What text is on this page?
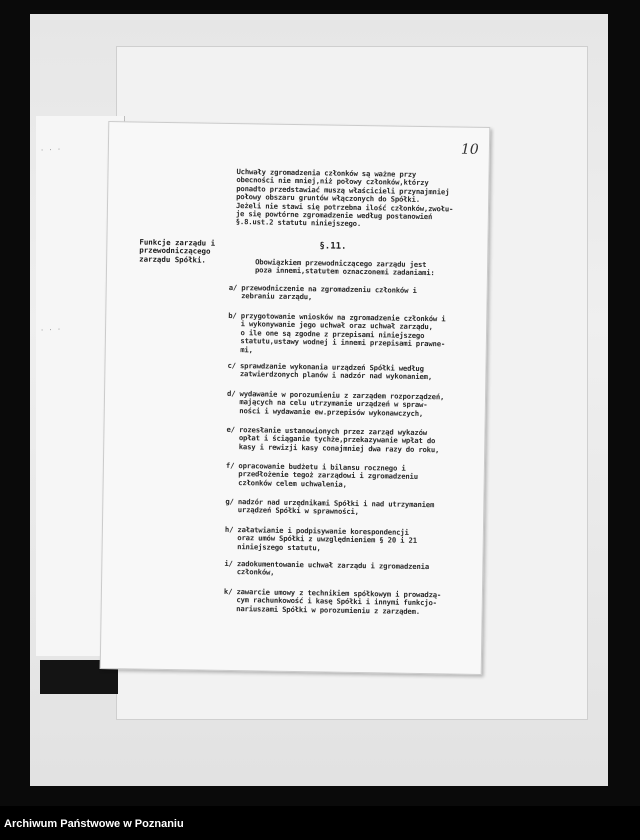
· · ·
· · ·
10
Uchwały zgromadzenia członków są ważne przy
obecności nie mniej,niż połowy członków,którzy
ponadto przedstawiać muszą właścicieli przynajmniej
połowy obszaru gruntów włączonych do Spółki.
Jeżeli nie stawi się potrzebna ilość członków,zwołu-
je się powtórne zgromadzenie według postanowień
§.8.ust.2 statutu niniejszego.
Funkcje zarządu i
przewodniczącego
zarządu Spółki.
§.11.
Obowiązkiem przewodniczącego zarządu jest
poza innemi,statutem oznaczonemi zadaniami:
a/ przewodniczenie na zgromadzeniu członków i
zebraniu zarządu,
b/ przygotowanie wniosków na zgromadzenie członków i
i wykonywanie jego uchwał oraz uchwał zarządu,
o ile one są zgodne z przepisami niniejszego
statutu,ustawy wodnej i innemi przepisami prawne-
mi,
c/ sprawdzanie wykonania urządzeń Spółki według
zatwierdzonych planów i nadzór nad wykonaniem,
d/ wydawanie w porozumieniu z zarządem rozporządzeń,
mających na celu utrzymanie urządzeń w spraw-
ności i wydawanie ew.przepisów wykonawczych,
e/ rozesłanie ustanowionych przez zarząd wykazów
opłat i ściąganie tychże,przekazywanie wpłat do
kasy i rewizji kasy conajmniej dwa razy do roku,
f/ opracowanie budżetu i bilansu rocznego i
przedłożenie tegoż zarządowi i zgromadzeniu
członków celem uchwalenia,
g/ nadzór nad urzędnikami Spółki i nad utrzymaniem
urządzeń Spółki w sprawności,
h/ załatwianie i podpisywanie korespondencji
oraz umów Spółki z uwzględnieniem § 20 i 21
niniejszego statutu,
i/ zadokumentowanie uchwał zarządu i zgromadzenia
członków,
k/ zawarcie umowy z technikiem spółkowym i prowadzą-
cym rachunkowość i kasę Spółki i innymi funkcjo-
nariuszami Spółki w porozumieniu z zarządem.
Archiwum Państwowe w Poznaniu
